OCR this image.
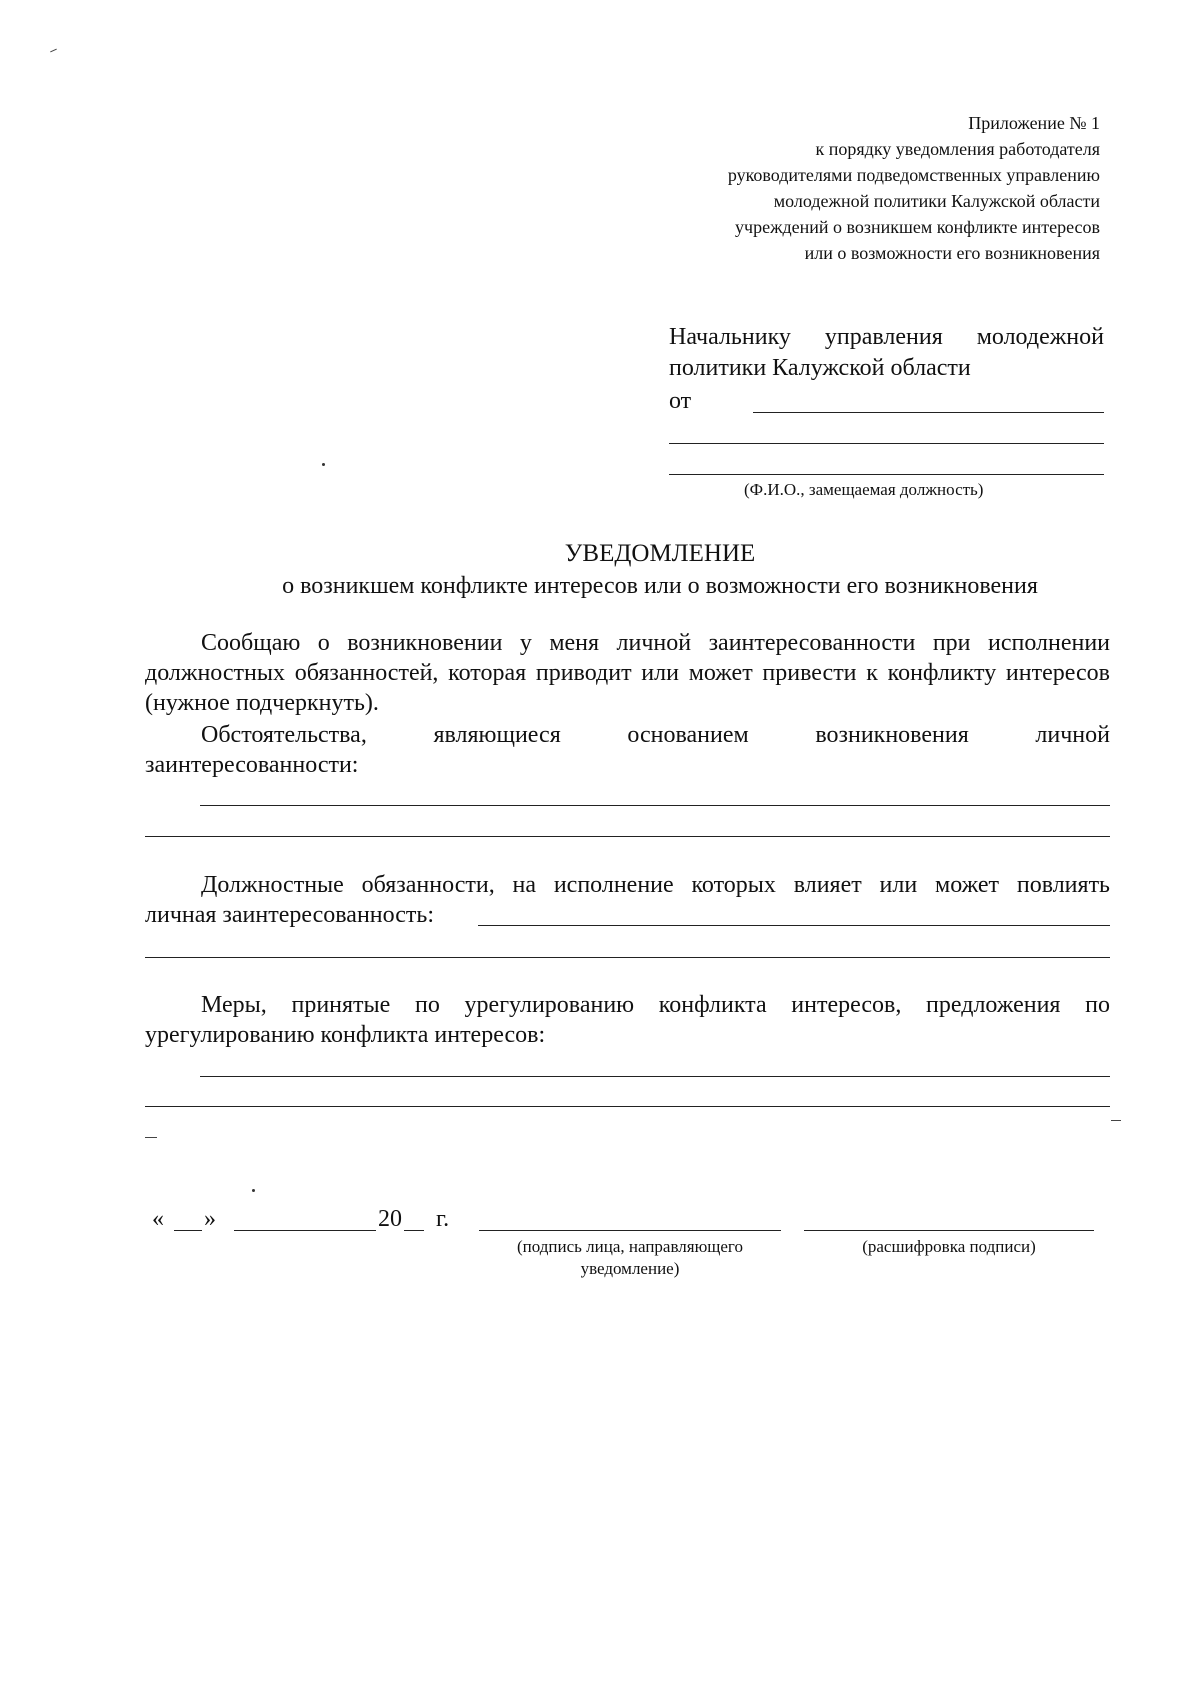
Приложение № 1
к порядку уведомления работодателя
руководителями подведомственных управлению
молодежной политики Калужской области
учреждений о возникшем конфликте интересов
или о возможности его возникновения
Начальнику управления молодежной
политики Калужской области
от
(Ф.И.О., замещаемая должность)
УВЕДОМЛЕНИЕ
о возникшем конфликте интересов или о возможности его возникновения
Сообщаю о возникновении у меня личной заинтересованности при исполнении должностных обязанностей, которая приводит или может привести к конфликту интересов (нужное подчеркнуть).
Обстоятельства, являющиеся основанием возникновения личной
заинтересованности:
Должностные обязанности, на исполнение которых влияет или может повлиять
личная заинтересованность:
Меры, принятые по урегулированию конфликта интересов, предложения по урегулированию конфликта интересов:
« »	20 г.
(подпись лица, направляющего
уведомление)
(расшифровка подписи)
